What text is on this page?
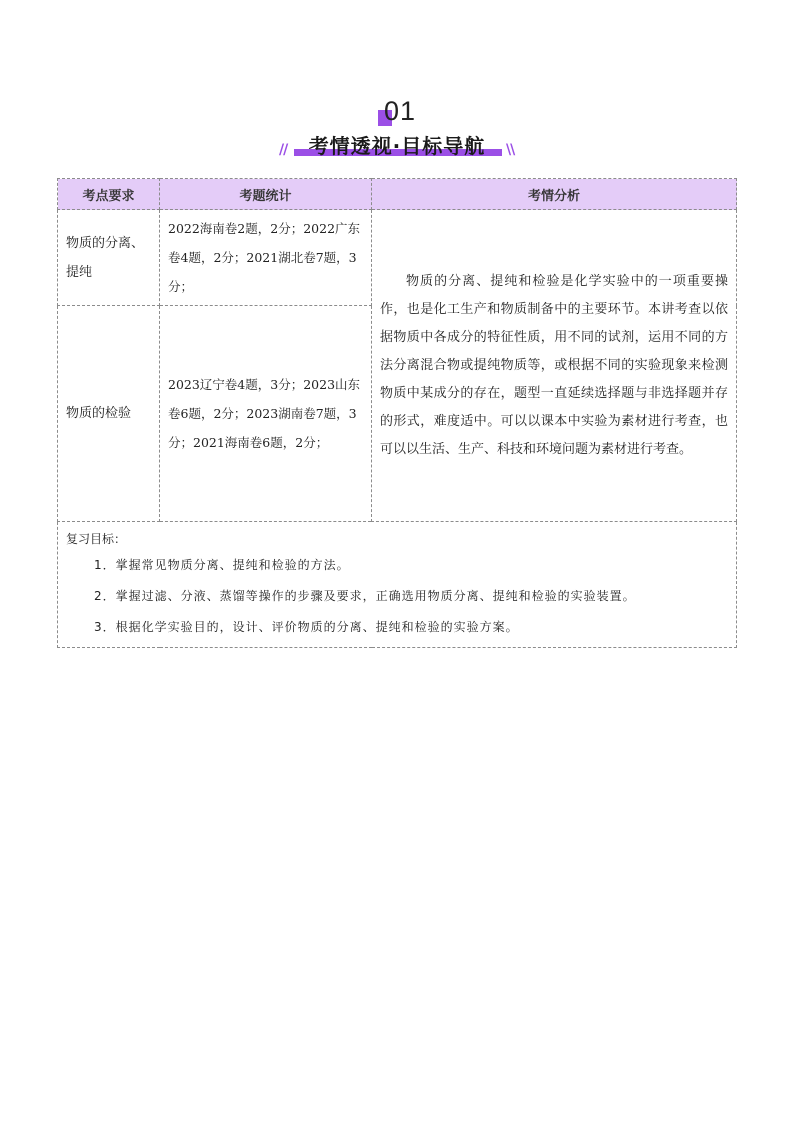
01
//	考情透视·目标导航	\\
考点要求	考题统计	考情分析
物质的分离、提纯	2022海南卷2题，2分；2022广东卷4题，2分；2021湖北卷7题，3分；	物质的分离、提纯和检验是化学实验中的一项重要操作，也是化工生产和物质制备中的主要环节。本讲考查以依据物质中各成分的特征性质，用不同的试剂，运用不同的方法分离混合物或提纯物质等，或根据不同的实验现象来检测物质中某成分的存在，题型一直延续选择题与非选择题并存的形式，难度适中。可以以课本中实验为素材进行考查，也可以以生活、生产、科技和环境问题为素材进行考查。
物质的检验	2023辽宁卷4题，3分；2023山东卷6题，2分；2023湖南卷7题，3分；2021海南卷6题，2分；	

复习目标：
1．掌握常见物质分离、提纯和检验的方法。
2．掌握过滤、分液、蒸馏等操作的步骤及要求，正确选用物质分离、提纯和检验的实验装置。
3．根据化学实验目的，设计、评价物质的分离、提纯和检验的实验方案。		
